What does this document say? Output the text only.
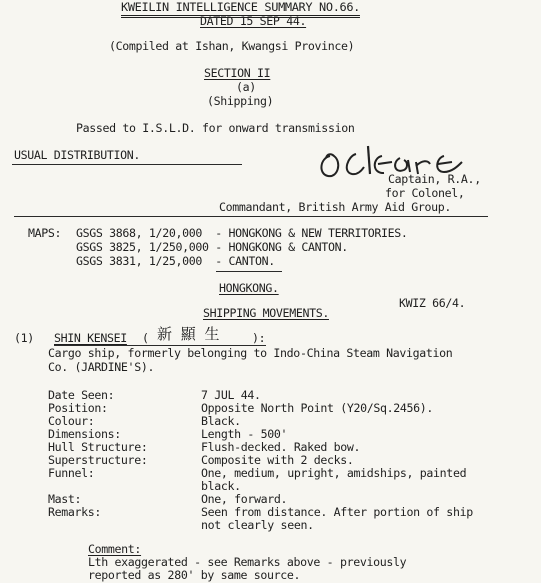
KWEILIN INTELLIGENCE SUMMARY NO.66.
DATED 15 SEP 44.
(Compiled at Ishan, Kwangsi Province)
SECTION II
(a)
(Shipping)
Passed to I.S.L.D. for onward transmission
USUAL DISTRIBUTION.
Captain, R.A.,
for Colonel,
Commandant, British Army Aid Group.
MAPS: GSGS 3868, 1/20,000  - HONGKONG & NEW TERRITORIES.
GSGS 3825, 1/250,000 - HONGKONG & CANTON.
GSGS 3831, 1/25,000  - CANTON.
HONGKONG.
KWIZ 66/4.
SHIPPING MOVEMENTS.
(1) SHIN KENSEI ( 新 顯 生	):
Cargo ship, formerly belonging to Indo-China Steam Navigation
Co. (JARDINE'S).
Date Seen:	7 JUL 44.
Position:	Opposite North Point (Y20/Sq.2456).
Colour:	Black.
Dimensions:	Length - 500'
Hull Structure:	Flush-decked. Raked bow.
Superstructure:	Composite with 2 decks.
Funnel:	One, medium, upright, amidships, painted
black.
Mast:	One, forward.
Remarks:	Seen from distance. After portion of ship
not clearly seen.
Comment:
Lth exaggerated - see Remarks above - previously
reported as 280' by same source.
